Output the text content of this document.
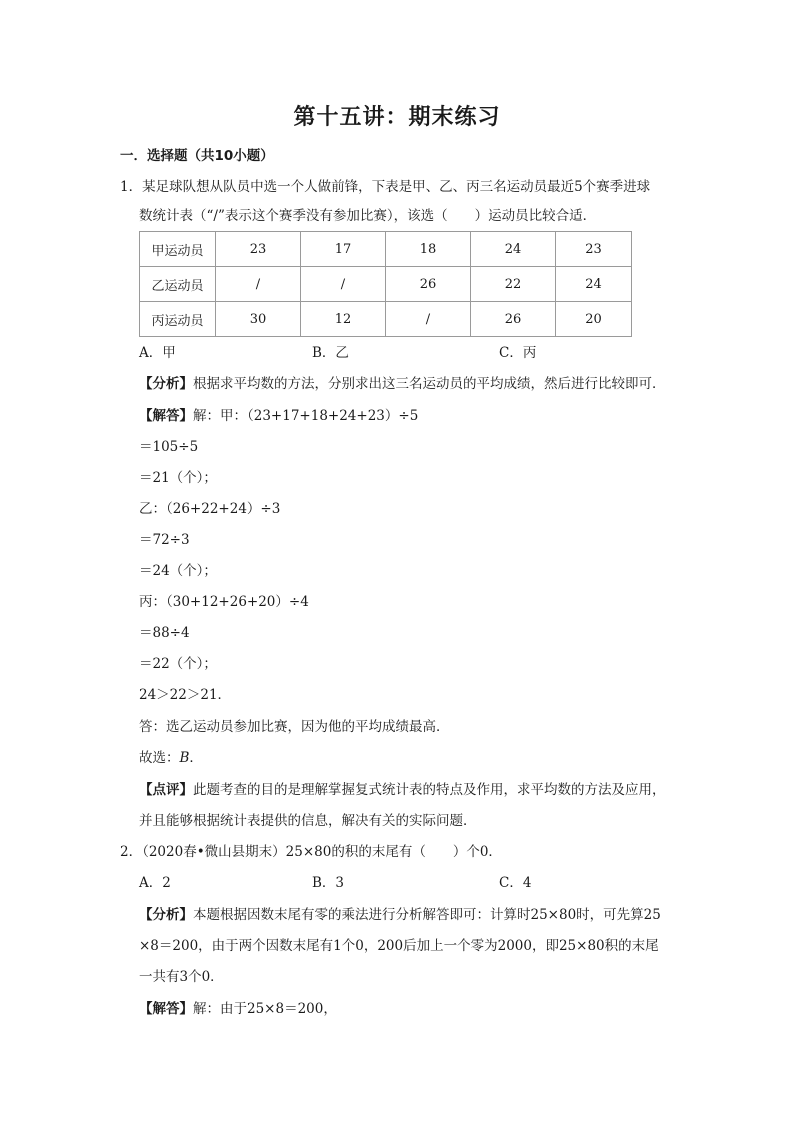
第十五讲：期末练习
一．选择题（共10小题）
1．某足球队想从队员中选一个人做前锋，下表是甲、乙、丙三名运动员最近5个赛季进球
数统计表（“/”表示这个赛季没有参加比赛），该选（　　）运动员比较合适．
甲运动员	23	17	18	24	23
乙运动员	/	/	26	22	24
丙运动员	30	12	/	26	20
A．甲	B．乙	C．丙
【分析】根据求平均数的方法，分别求出这三名运动员的平均成绩，然后进行比较即可．
【解答】解：甲：（23+17+18+24+23）÷5
＝105÷5
＝21（个）；
乙：（26+22+24）÷3
＝72÷3
＝24（个）；
丙：（30+12+26+20）÷4
＝88÷4
＝22（个）；
24＞22＞21．
答：选乙运动员参加比赛，因为他的平均成绩最高．
故选：B．
【点评】此题考查的目的是理解掌握复式统计表的特点及作用，求平均数的方法及应用，
并且能够根据统计表提供的信息，解决有关的实际问题．
2．（2020春•微山县期末）25×80的积的末尾有（　　）个0．
A．2	B．3	C．4
【分析】本题根据因数末尾有零的乘法进行分析解答即可：计算时25×80时，可先算25
×8＝200，由于两个因数末尾有1个0，200后加上一个零为2000，即25×80积的末尾
一共有3个0．
【解答】解：由于25×8＝200，
